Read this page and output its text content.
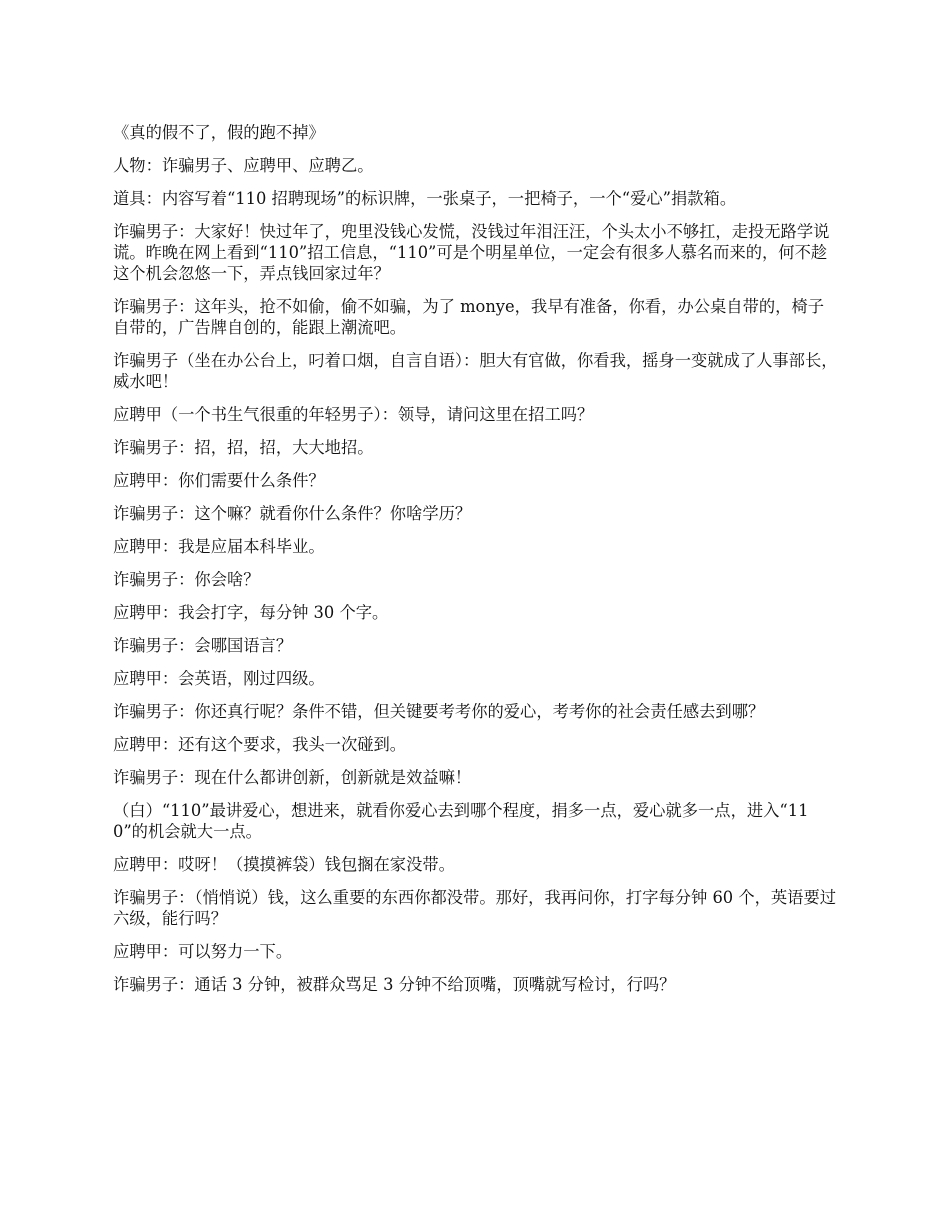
《真的假不了，假的跑不掉》

人物：诈骗男子、应聘甲、应聘乙。

道具：内容写着“110 招聘现场”的标识牌，一张桌子，一把椅子，一个“爱心”捐款箱。

诈骗男子：大家好！快过年了，兜里没钱心发慌，没钱过年泪汪汪，个头太小不够扛，走投无路学说谎。昨晚在网上看到“110”招工信息，“110”可是个明星单位，一定会有很多人慕名而来的，何不趁这个机会忽悠一下，弄点钱回家过年？

诈骗男子：这年头，抢不如偷，偷不如骗，为了 monye，我早有准备，你看，办公桌自带的，椅子自带的，广告牌自创的，能跟上潮流吧。

诈骗男子（坐在办公台上，叼着口烟，自言自语）：胆大有官做，你看我，摇身一变就成了人事部长，威水吧！

应聘甲（一个书生气很重的年轻男子）：领导，请问这里在招工吗？

诈骗男子：招，招，招，大大地招。

应聘甲：你们需要什么条件？

诈骗男子：这个嘛？就看你什么条件？你啥学历？

应聘甲：我是应届本科毕业。

诈骗男子：你会啥？

应聘甲：我会打字，每分钟 30 个字。

诈骗男子：会哪国语言？

应聘甲：会英语，刚过四级。

诈骗男子：你还真行呢？条件不错，但关键要考考你的爱心，考考你的社会责任感去到哪？

应聘甲：还有这个要求，我头一次碰到。

诈骗男子：现在什么都讲创新，创新就是效益嘛！

（白）“110”最讲爱心，想进来，就看你爱心去到哪个程度，捐多一点，爱心就多一点，进入“110”的机会就大一点。

应聘甲：哎呀！（摸摸裤袋）钱包搁在家没带。

诈骗男子：（悄悄说）钱，这么重要的东西你都没带。那好，我再问你，打字每分钟 60 个，英语要过六级，能行吗？

应聘甲：可以努力一下。

诈骗男子：通话 3 分钟，被群众骂足 3 分钟不给顶嘴，顶嘴就写检讨，行吗？
